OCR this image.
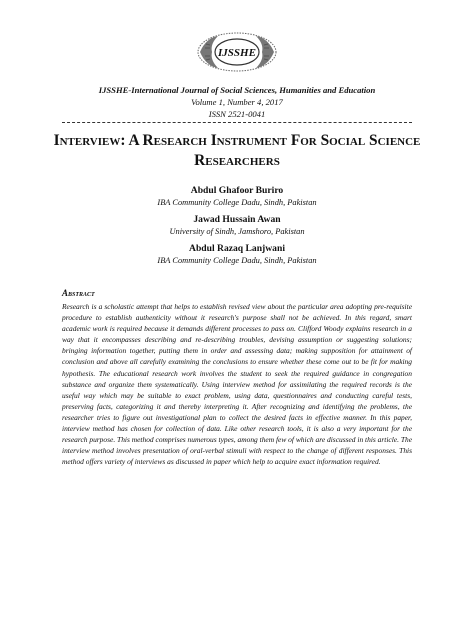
IJSSHE
IJSSHE-International Journal of Social Sciences, Humanities and Education
Volume 1, Number 4, 2017
ISSN 2521-0041
Interview: A Research Instrument For Social Science Researchers
Abdul Ghafoor Buriro
IBA Community College Dadu, Sindh, Pakistan
Jawad Hussain Awan
University of Sindh, Jamshoro, Pakistan
Abdul Razaq Lanjwani
IBA Community College Dadu, Sindh, Pakistan
Abstract
Research is a scholastic attempt that helps to establish revised view about the particular area adopting pre-requisite procedure to establish authenticity without it research's purpose shall not be achieved. In this regard, smart academic work is required because it demands different processes to pass on. Clifford Woody explains research in a way that it encompasses describing and re-describing troubles, devising assumption or suggesting solutions; bringing information together, putting them in order and assessing data; making supposition for attainment of conclusion and above all carefully examining the conclusions to ensure whether these come out to be fit for making hypothesis. The educational research work involves the student to seek the required guidance in congregation substance and organize them systematically. Using interview method for assimilating the required records is the useful way which may be suitable to exact problem, using data, questionnaires and conducting careful tests, preserving facts, categorizing it and thereby interpreting it. After recognizing and identifying the problems, the researcher tries to figure out investigational plan to collect the desired facts in effective manner. In this paper, interview method has chosen for collection of data. Like other research tools, it is also a very important for the research purpose. This method comprises numerous types, among them few of which are discussed in this article. The interview method involves presentation of oral-verbal stimuli with respect to the change of different responses. This method offers variety of interviews as discussed in paper which help to acquire exact information required.
